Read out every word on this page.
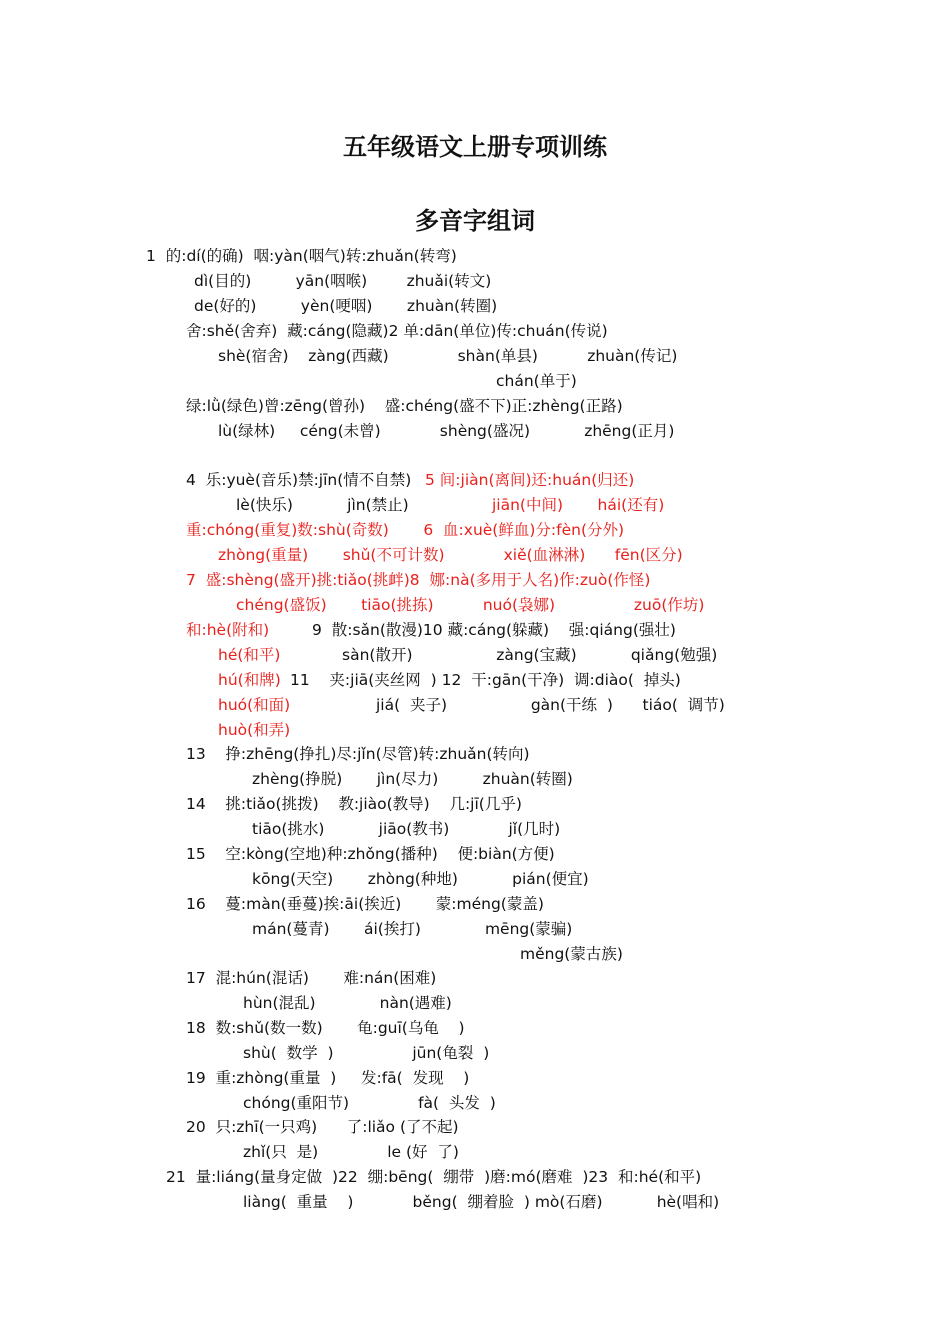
五年级语文上册专项训练
多音字组词
1  的:dí(的确)  咽:yàn(咽气)转:zhuǎn(转弯)
dì(目的)         yān(咽喉)        zhuǎi(转文)
de(好的)         yèn(哽咽)       zhuàn(转圈)
舍:shě(舍弃)  藏:cáng(隐藏)2 单:dān(单位)传:chuán(传说)
shè(宿舍)    zàng(西藏)              shàn(单县)          zhuàn(传记)
chán(单于)
绿:lǜ(绿色)曾:zēng(曾孙)    盛:chéng(盛不下)正:zhèng(正路)
lù(绿林)     céng(未曾)            shèng(盛况)           zhēng(正月)
4  乐:yuè(音乐)禁:jīn(情不自禁) 5 间:jiàn(离间)还:huán(归还)
lè(快乐)           jìn(禁止)	jiān(中间)       hái(还有)
重:chóng(重复)数:shù(奇数)       6  血:xuè(鲜血)分:fèn(分外)
zhòng(重量)       shǔ(不可计数)            xiě(血淋淋)      fēn(区分)
7  盛:shèng(盛开)挑:tiǎo(挑衅)8  娜:nà(多用于人名)作:zuò(作怪)
chéng(盛饭)       tiāo(挑拣)          nuó(袅娜)                zuō(作坊)
和:hè(附和)	9  散:sǎn(散漫)10 藏:cáng(躲藏)    强:qiáng(强壮)
hé(和平)	sàn(散开)                 zàng(宝藏)           qiǎng(勉强)
hú(和牌) 11    夹:jiā(夹丝网  ) 12  干:gān(干净)  调:diào(  掉头)
huó(和面)	jiá(  夹子)                 gàn(干练  )      tiáo(  调节)
huò(和弄)
13    挣:zhēng(挣扎)尽:jǐn(尽管)转:zhuǎn(转向)
zhèng(挣脱)       jìn(尽力)         zhuàn(转圈)
14    挑:tiǎo(挑拨)    教:jiào(教导)    几:jī(几乎)
tiāo(挑水)           jiāo(教书)            jǐ(几时)
15    空:kòng(空地)种:zhǒng(播种)    便:biàn(方便)
kōng(天空)       zhòng(种地)           pián(便宜)
16    蔓:màn(垂蔓)挨:āi(挨近)       蒙:méng(蒙盖)
mán(蔓青)       ái(挨打)             mēng(蒙骗)
měng(蒙古族)
17  混:hún(混话)       难:nán(困难)
hùn(混乱)             nàn(遇难)
18  数:shǔ(数一数)       龟:guī(乌龟    )
shù(  数学  )                jūn(龟裂  )
19  重:zhòng(重量  )     发:fā(  发现    )
chóng(重阳节)              fà(  头发  )
20  只:zhī(一只鸡)      了:liǎo (了不起)
zhǐ(只  是)              le (好  了)
21  量:liáng(量身定做  )22  绷:bēng(  绷带  )磨:mó(磨难  )23  和:hé(和平)
liàng(  重量    )            běng(  绷着脸  ) mò(石磨)           hè(唱和)
